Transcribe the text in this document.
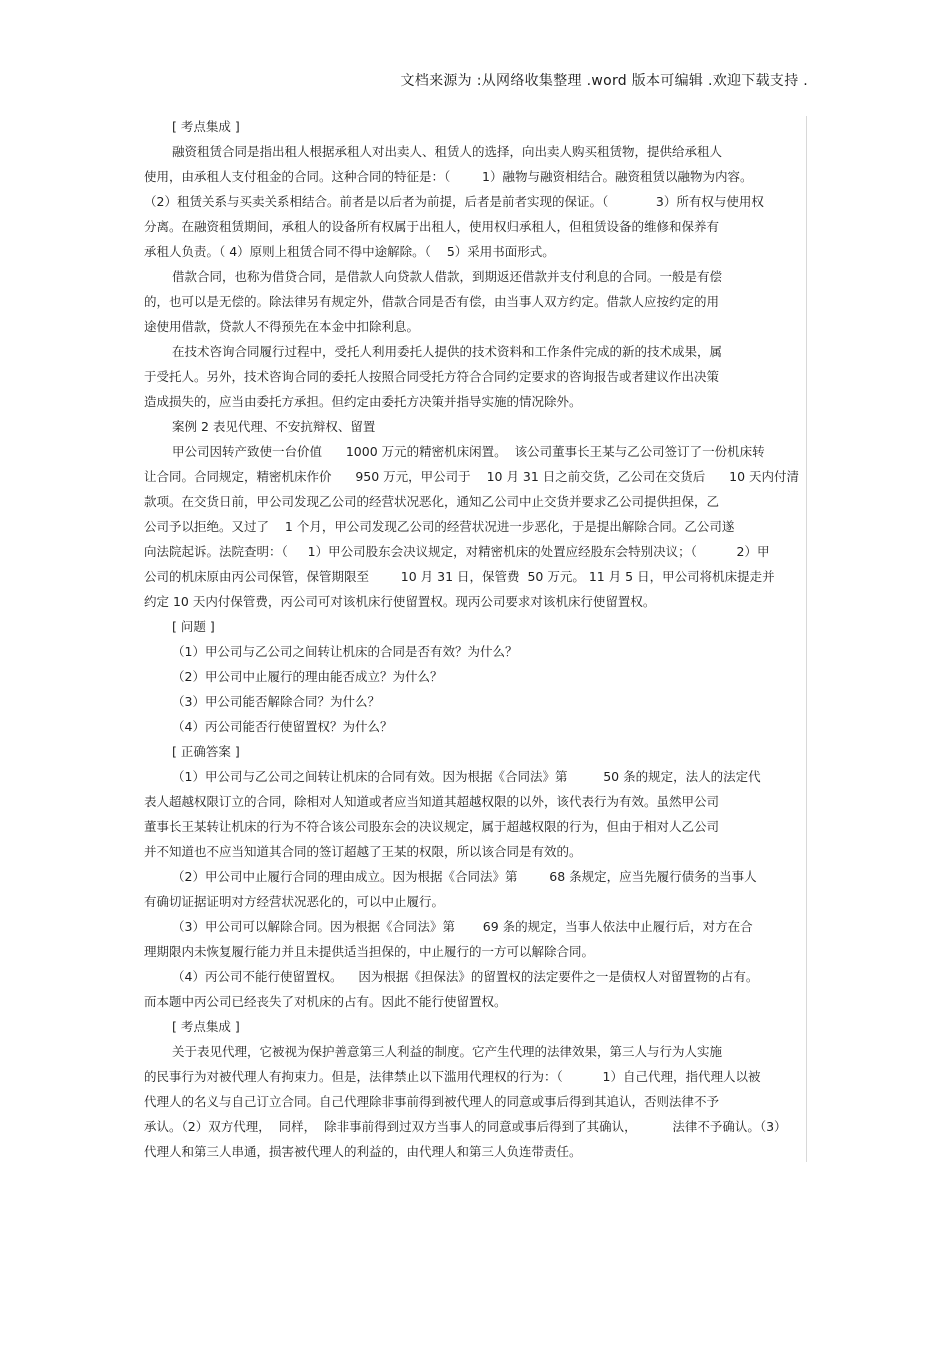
文档来源为 :从网络收集整理 .word 版本可编辑 .欢迎下载支持 .
[ 考点集成 ]
融资租赁合同是指出租人根据承租人对出卖人、租赁人的选择，向出卖人购买租赁物，提供给承租人
使用，由承租人支付租金的合同。这种合同的特征是：（        1）融物与融资相结合。融资租赁以融物为内容。
（2）租赁关系与买卖关系相结合。前者是以后者为前提，后者是前者实现的保证。（            3）所有权与使用权
分离。在融资租赁期间，承租人的设备所有权属于出租人，使用权归承租人，但租赁设备的维修和保养有
承租人负责。（ 4）原则上租赁合同不得中途解除。（    5）采用书面形式。
借款合同，也称为借贷合同，是借款人向贷款人借款，到期返还借款并支付利息的合同。一般是有偿
的，也可以是无偿的。除法律另有规定外，借款合同是否有偿，由当事人双方约定。借款人应按约定的用
途使用借款，贷款人不得预先在本金中扣除利息。
在技术咨询合同履行过程中，受托人利用委托人提供的技术资料和工作条件完成的新的技术成果，属
于受托人。另外，技术咨询合同的委托人按照合同受托方符合合同约定要求的咨询报告或者建议作出决策
造成损失的，应当由委托方承担。但约定由委托方决策并指导实施的情况除外。
案例 2 表见代理、不安抗辩权、留置
甲公司因转产致使一台价值      1000 万元的精密机床闲置。  该公司董事长王某与乙公司签订了一份机床转
让合同。合同规定，精密机床作价      950 万元，甲公司于    10 月 31 日之前交货，乙公司在交货后      10 天内付清
款项。在交货日前，甲公司发现乙公司的经营状况恶化，通知乙公司中止交货并要求乙公司提供担保，乙
公司予以拒绝。又过了    1 个月，甲公司发现乙公司的经营状况进一步恶化，于是提出解除合同。乙公司遂
向法院起诉。法院查明：（     1）甲公司股东会决议规定，对精密机床的处置应经股东会特别决议；（          2）甲
公司的机床原由丙公司保管，保管期限至        10 月 31 日，保管费  50 万元。 11 月 5 日，甲公司将机床提走并
约定 10 天内付保管费，丙公司可对该机床行使留置权。现丙公司要求对该机床行使留置权。
[ 问题 ]
（1）甲公司与乙公司之间转让机床的合同是否有效？为什么？
（2）甲公司中止履行的理由能否成立？为什么？
（3）甲公司能否解除合同？为什么？
（4）丙公司能否行使留置权？为什么？
[ 正确答案 ]
（1）甲公司与乙公司之间转让机床的合同有效。因为根据《合同法》第         50 条的规定，法人的法定代
表人超越权限订立的合同，除相对人知道或者应当知道其超越权限的以外，该代表行为有效。虽然甲公司
董事长王某转让机床的行为不符合该公司股东会的决议规定，属于超越权限的行为，但由于相对人乙公司
并不知道也不应当知道其合同的签订超越了王某的权限，所以该合同是有效的。
（2）甲公司中止履行合同的理由成立。因为根据《合同法》第        68 条规定，应当先履行债务的当事人
有确切证据证明对方经营状况恶化的，可以中止履行。
（3）甲公司可以解除合同。因为根据《合同法》第       69 条的规定，当事人依法中止履行后，对方在合
理期限内未恢复履行能力并且未提供适当担保的，中止履行的一方可以解除合同。
（4）丙公司不能行使留置权。    因为根据《担保法》的留置权的法定要件之一是债权人对留置物的占有。
而本题中丙公司已经丧失了对机床的占有。因此不能行使留置权。
[ 考点集成 ]
关于表见代理，它被视为保护善意第三人利益的制度。它产生代理的法律效果，第三人与行为人实施
的民事行为对被代理人有拘束力。但是，法律禁止以下滥用代理权的行为：（          1）自己代理，指代理人以被
代理人的名义与自己订立合同。自己代理除非事前得到被代理人的同意或事后得到其追认，否则法律不予
承认。（2）双方代理，  同样，  除非事前得到过双方当事人的同意或事后得到了其确认，         法律不予确认。（3）
代理人和第三人串通，损害被代理人的利益的，由代理人和第三人负连带责任。
